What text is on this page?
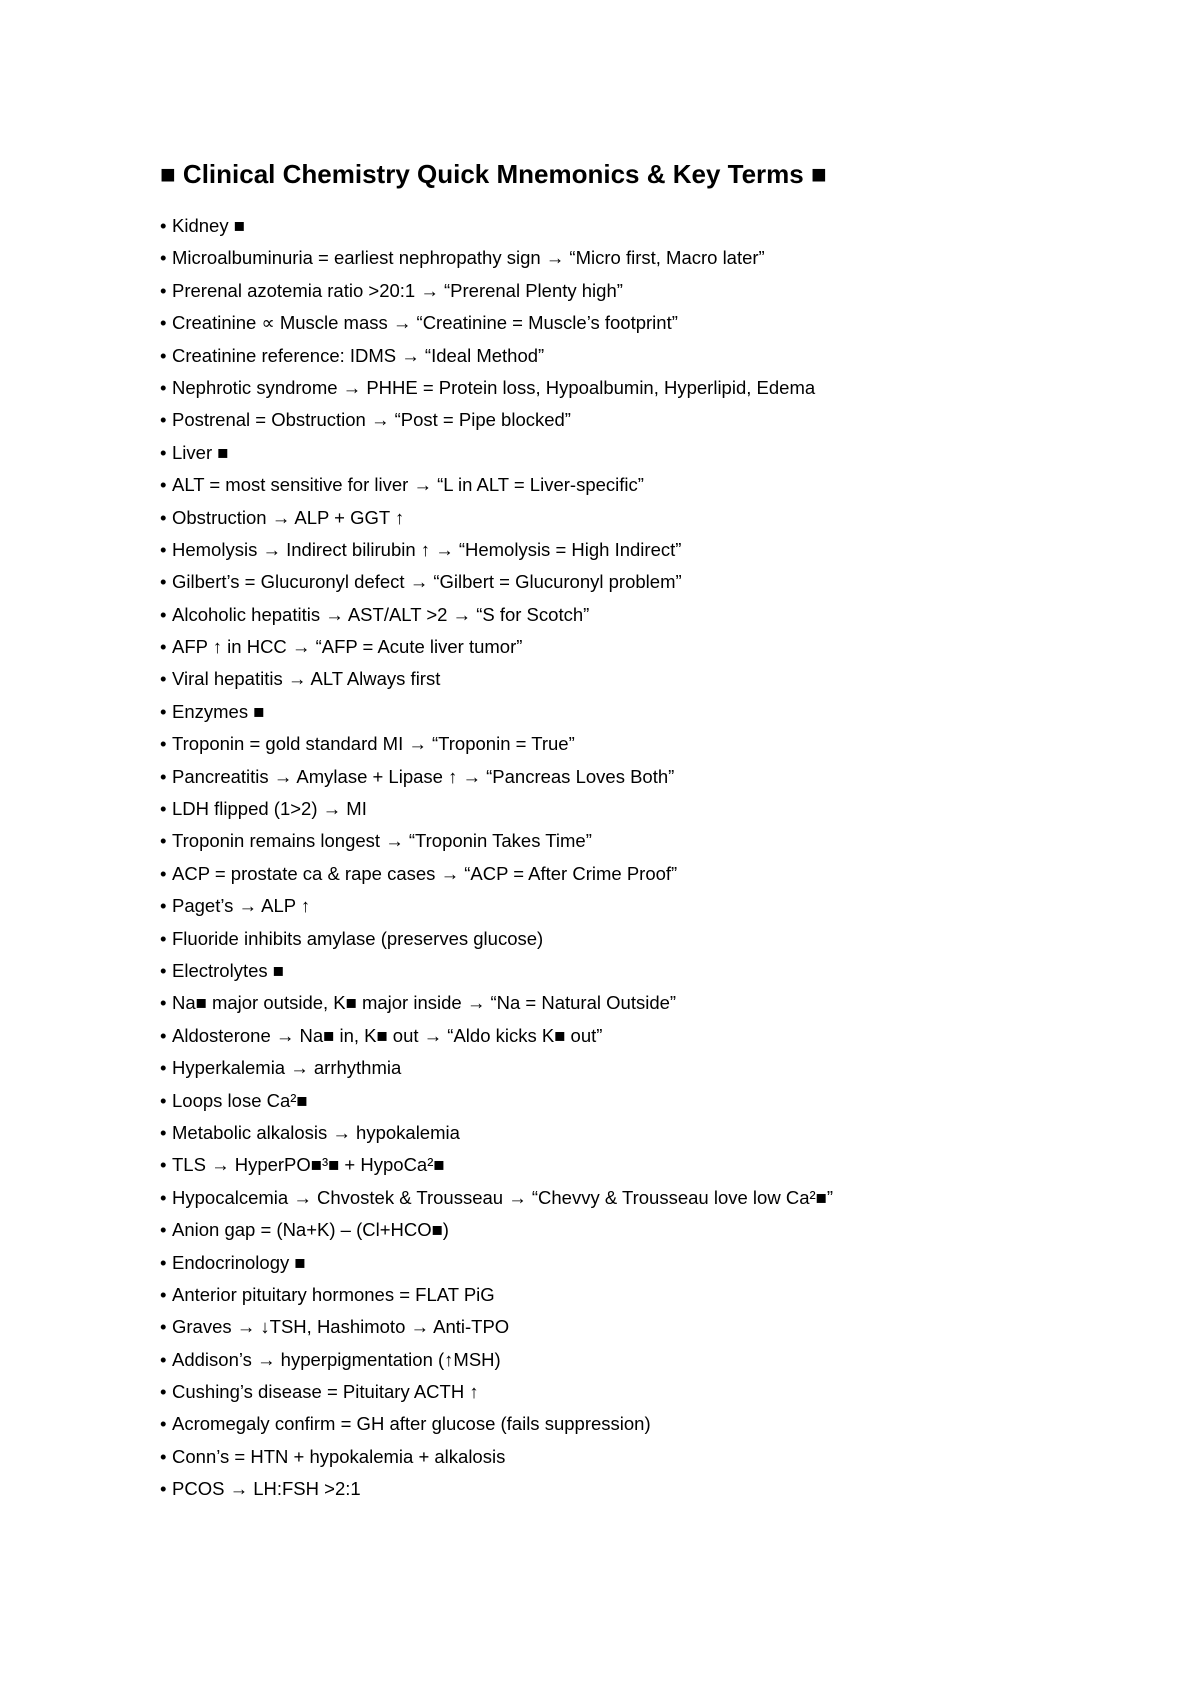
■ Clinical Chemistry Quick Mnemonics & Key Terms ■
• Kidney ■
• Microalbuminuria = earliest nephropathy sign → “Micro first, Macro later”
• Prerenal azotemia ratio >20:1 → “Prerenal Plenty high”
• Creatinine ∝ Muscle mass → “Creatinine = Muscle’s footprint”
• Creatinine reference: IDMS → “Ideal Method”
• Nephrotic syndrome → PHHE = Protein loss, Hypoalbumin, Hyperlipid, Edema
• Postrenal = Obstruction → “Post = Pipe blocked”
• Liver ■
• ALT = most sensitive for liver → “L in ALT = Liver-specific”
• Obstruction → ALP + GGT ↑
• Hemolysis → Indirect bilirubin ↑ → “Hemolysis = High Indirect”
• Gilbert’s = Glucuronyl defect → “Gilbert = Glucuronyl problem”
• Alcoholic hepatitis → AST/ALT >2 → “S for Scotch”
• AFP ↑ in HCC → “AFP = Acute liver tumor”
• Viral hepatitis → ALT Always first
• Enzymes ■
• Troponin = gold standard MI → “Troponin = True”
• Pancreatitis → Amylase + Lipase ↑ → “Pancreas Loves Both”
• LDH flipped (1>2) → MI
• Troponin remains longest → “Troponin Takes Time”
• ACP = prostate ca & rape cases → “ACP = After Crime Proof”
• Paget’s → ALP ↑
• Fluoride inhibits amylase (preserves glucose)
• Electrolytes ■
• Na■ major outside, K■ major inside → “Na = Natural Outside”
• Aldosterone → Na■ in, K■ out → “Aldo kicks K■ out”
• Hyperkalemia → arrhythmia
• Loops lose Ca²■
• Metabolic alkalosis → hypokalemia
• TLS → HyperPO■³■ + HypoCa²■
• Hypocalcemia → Chvostek & Trousseau → “Chevvy & Trousseau love low Ca²■”
• Anion gap = (Na+K) – (Cl+HCO■)
• Endocrinology ■
• Anterior pituitary hormones = FLAT PiG
• Graves → ↓TSH, Hashimoto → Anti-TPO
• Addison’s → hyperpigmentation (↑MSH)
• Cushing’s disease = Pituitary ACTH ↑
• Acromegaly confirm = GH after glucose (fails suppression)
• Conn’s = HTN + hypokalemia + alkalosis
• PCOS → LH:FSH >2:1
